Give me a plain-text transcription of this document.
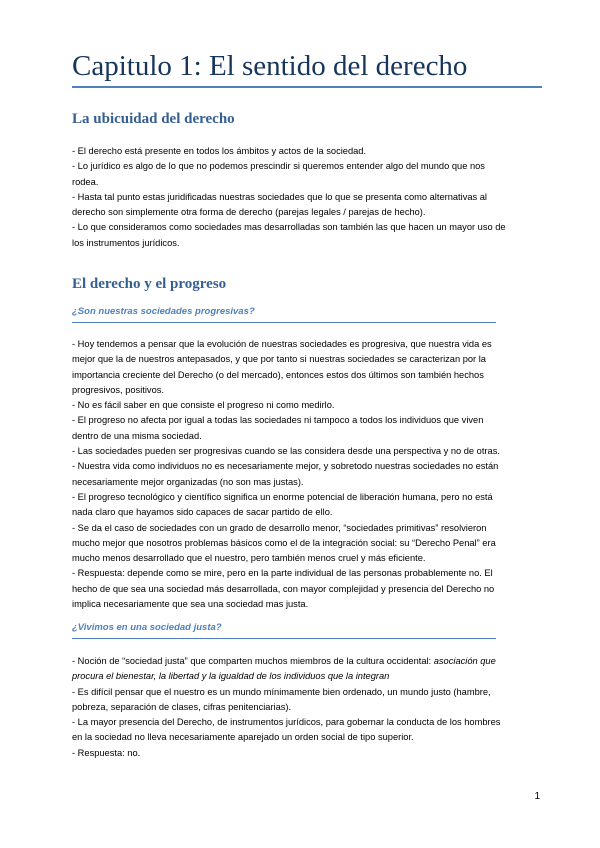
Capitulo 1: El sentido del derecho
La ubicuidad del derecho
- El derecho está presente en todos los ámbitos y actos de la sociedad.
- Lo jurídico es algo de lo que no podemos prescindir si queremos entender algo del mundo que nos
rodea.
- Hasta tal punto estas juridificadas nuestras sociedades que lo que se presenta como alternativas al
derecho son simplemente otra forma de derecho (parejas legales / parejas de hecho).
- Lo que consideramos como sociedades mas desarrolladas son también las que hacen un mayor uso de
los instrumentos jurídicos.
El derecho y el progreso
¿Son nuestras sociedades progresivas?
- Hoy tendemos a pensar que la evolución de nuestras sociedades es progresiva, que nuestra vida es
mejor que la de nuestros antepasados, y que por tanto si nuestras sociedades se caracterizan por la
importancia creciente del Derecho (o del mercado), entonces estos dos últimos son también hechos
progresivos, positivos.
- No es fácil saber en que consiste el progreso ni como medirlo.
- El progreso no afecta por igual a todas las sociedades ni tampoco a todos los individuos que viven
dentro de una misma sociedad.
- Las sociedades pueden ser progresivas cuando se las considera desde una perspectiva y no de otras.
- Nuestra vida como individuos no es necesariamente mejor, y sobretodo nuestras sociedades no están
necesariamente mejor organizadas (no son mas justas).
- El progreso tecnológico y científico significa un enorme potencial de liberación humana, pero no está
nada claro que hayamos sido capaces de sacar partido de ello.
- Se da el caso de sociedades con un grado de desarrollo menor, “sociedades primitivas” resolvieron
mucho mejor que nosotros problemas básicos como el de la integración social: su “Derecho Penal” era
mucho menos desarrollado que el nuestro, pero también menos cruel y más eficiente.
- Respuesta: depende como se mire, pero en la parte individual de las personas probablemente no. El
hecho de que sea una sociedad más desarrollada, con mayor complejidad y presencia del Derecho no
implica necesariamente que sea una sociedad mas justa.
¿Vivimos en una sociedad justa?
- Noción de “sociedad justa” que comparten muchos miembros de la cultura occidental: asociación que
procura el bienestar, la libertad y la igualdad de los individuos que la integran
- Es difícil pensar que el nuestro es un mundo mínimamente bien ordenado, un mundo justo (hambre,
pobreza, separación de clases, cifras penitenciarias).
- La mayor presencia del Derecho, de instrumentos jurídicos, para gobernar la conducta de los hombres
en la sociedad no lleva necesariamente aparejado un orden social de tipo superior.
- Respuesta: no.
1
